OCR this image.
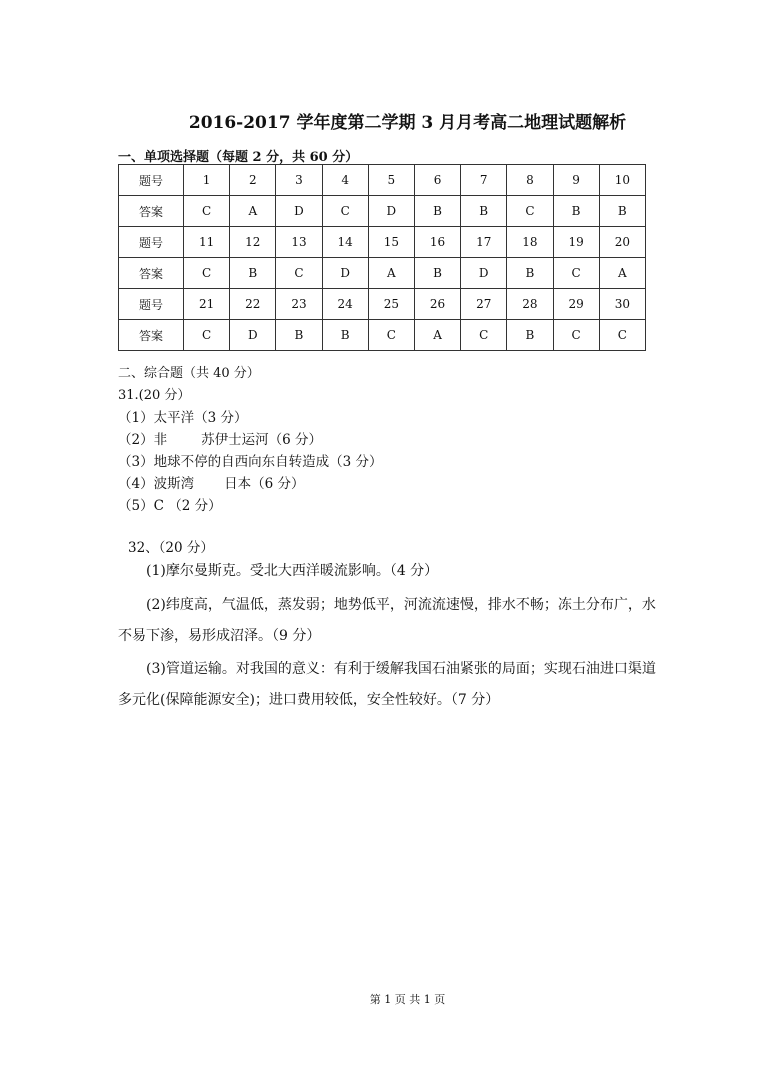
2016-2017 学年度第二学期 3 月月考高二地理试题解析
一、单项选择题（每题 2 分，共 60 分）
题号	1	2	3	4	5	6	7	8	9	10
答案	C	A	D	C	D	B	B	C	B	B
题号	11	12	13	14	15	16	17	18	19	20
答案	C	B	C	D	A	B	D	B	C	A
题号	21	22	23	24	25	26	27	28	29	30
答案	C	D	B	B	C	A	C	B	C	C
二、综合题（共 40 分）
31.(20 分）
（1）太平洋（3 分）
（2）非	苏伊士运河（6 分）
（3）地球不停的自西向东自转造成（3 分）
（4）波斯湾 日本（6 分）
（5）C （2 分）
32、（20 分）
(1)摩尔曼斯克。受北大西洋暖流影响。（4 分）
(2)纬度高，气温低，蒸发弱；地势低平，河流流速慢，排水不畅；冻土分布广，水不易下渗，易形成沼泽。（9 分）
(3)管道运输。对我国的意义：有利于缓解我国石油紧张的局面；实现石油进口渠道多元化(保障能源安全)；进口费用较低，安全性较好。（7 分）
第 1 页 共 1 页
